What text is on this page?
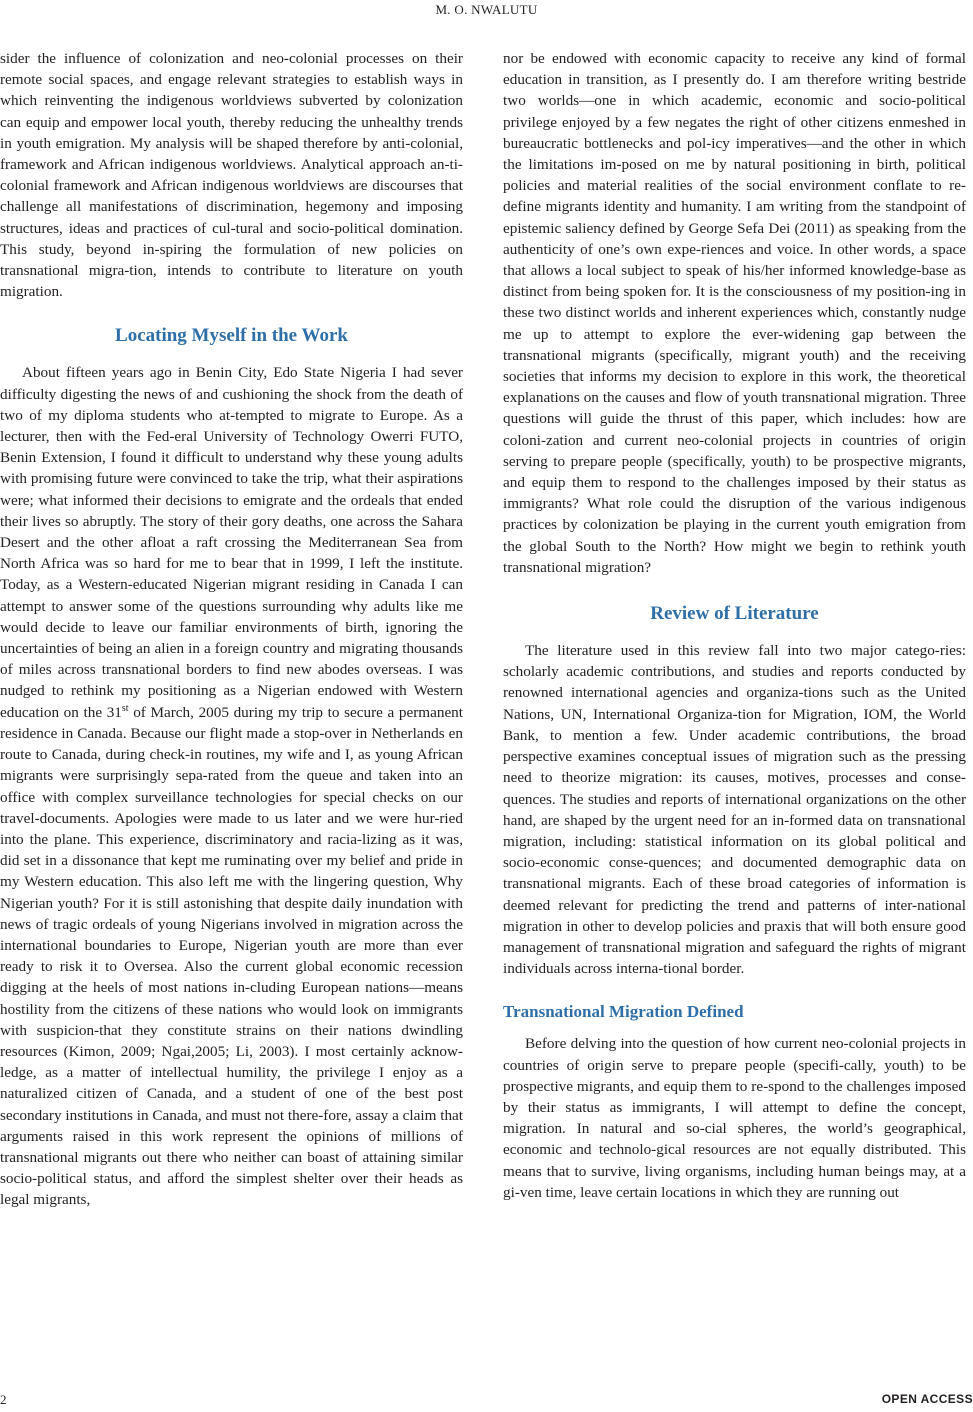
M. O. NWALUTU

sider the influence of colonization and neo-colonial processes on their remote social spaces, and engage relevant strategies to establish ways in which reinventing the indigenous worldviews subverted by colonization can equip and empower local youth, thereby reducing the unhealthy trends in youth emigration. My analysis will be shaped therefore by anti-colonial, framework and African indigenous worldviews. Analytical approach an-ti-colonial framework and African indigenous worldviews are discourses that challenge all manifestations of discrimination, hegemony and imposing structures, ideas and practices of cul-tural and socio-political domination. This study, beyond in-spiring the formulation of new policies on transnational migra-tion, intends to contribute to literature on youth migration.

Locating Myself in the Work

About fifteen years ago in Benin City, Edo State Nigeria I had sever difficulty digesting the news of and cushioning the shock from the death of two of my diploma students who at-tempted to migrate to Europe. As a lecturer, then with the Fed-eral University of Technology Owerri FUTO, Benin Extension, I found it difficult to understand why these young adults with promising future were convinced to take the trip, what their aspirations were; what informed their decisions to emigrate and the ordeals that ended their lives so abruptly. The story of their gory deaths, one across the Sahara Desert and the other afloat a raft crossing the Mediterranean Sea from North Africa was so hard for me to bear that in 1999, I left the institute. Today, as a Western-educated Nigerian migrant residing in Canada I can attempt to answer some of the questions surrounding why adults like me would decide to leave our familiar environments of birth, ignoring the uncertainties of being an alien in a foreign country and migrating thousands of miles across transnational borders to find new abodes overseas. I was nudged to rethink my positioning as a Nigerian endowed with Western education on the 31st of March, 2005 during my trip to secure a permanent residence in Canada. Because our flight made a stop-over in Netherlands en route to Canada, during check-in routines, my wife and I, as young African migrants were surprisingly sepa-rated from the queue and taken into an office with complex surveillance technologies for special checks on our travel-documents. Apologies were made to us later and we were hur-ried into the plane. This experience, discriminatory and racia-lizing as it was, did set in a dissonance that kept me ruminating over my belief and pride in my Western education. This also left me with the lingering question, Why Nigerian youth? For it is still astonishing that despite daily inundation with news of tragic ordeals of young Nigerians involved in migration across the international boundaries to Europe, Nigerian youth are more than ever ready to risk it to Oversea. Also the current global economic recession digging at the heels of most nations in-cluding European nations—means hostility from the citizens of these nations who would look on immigrants with suspicion-that they constitute strains on their nations dwindling resources (Kimon, 2009; Ngai,2005; Li, 2003). I most certainly acknow-ledge, as a matter of intellectual humility, the privilege I enjoy as a naturalized citizen of Canada, and a student of one of the best post secondary institutions in Canada, and must not there-fore, assay a claim that arguments raised in this work represent the opinions of millions of transnational migrants out there who neither can boast of attaining similar socio-political status, and afford the simplest shelter over their heads as legal migrants,

nor be endowed with economic capacity to receive any kind of formal education in transition, as I presently do. I am therefore writing bestride two worlds—one in which academic, economic and socio-political privilege enjoyed by a few negates the right of other citizens enmeshed in bureaucratic bottlenecks and pol-icy imperatives—and the other in which the limitations im-posed on me by natural positioning in birth, political policies and material realities of the social environment conflate to re-define migrants identity and humanity. I am writing from the standpoint of epistemic saliency defined by George Sefa Dei (2011) as speaking from the authenticity of one’s own expe-riences and voice. In other words, a space that allows a local subject to speak of his/her informed knowledge-base as distinct from being spoken for. It is the consciousness of my position-ing in these two distinct worlds and inherent experiences which, constantly nudge me up to attempt to explore the ever-widening gap between the transnational migrants (specifically, migrant youth) and the receiving societies that informs my decision to explore in this work, the theoretical explanations on the causes and flow of youth transnational migration. Three questions will guide the thrust of this paper, which includes: how are coloni-zation and current neo-colonial projects in countries of origin serving to prepare people (specifically, youth) to be prospective migrants, and equip them to respond to the challenges imposed by their status as immigrants? What role could the disruption of the various indigenous practices by colonization be playing in the current youth emigration from the global South to the North? How might we begin to rethink youth transnational migration?

Review of Literature

The literature used in this review fall into two major catego-ries: scholarly academic contributions, and studies and reports conducted by renowned international agencies and organiza-tions such as the United Nations, UN, International Organiza-tion for Migration, IOM, the World Bank, to mention a few. Under academic contributions, the broad perspective examines conceptual issues of migration such as the pressing need to theorize migration: its causes, motives, processes and conse-quences. The studies and reports of international organizations on the other hand, are shaped by the urgent need for an in-formed data on transnational migration, including: statistical information on its global political and socio-economic conse-quences; and documented demographic data on transnational migrants. Each of these broad categories of information is deemed relevant for predicting the trend and patterns of inter-national migration in other to develop policies and praxis that will both ensure good management of transnational migration and safeguard the rights of migrant individuals across interna-tional border.

Transnational Migration Defined

Before delving into the question of how current neo-colonial projects in countries of origin serve to prepare people (specifi-cally, youth) to be prospective migrants, and equip them to re-spond to the challenges imposed by their status as immigrants, I will attempt to define the concept, migration. In natural and so-cial spheres, the world’s geographical, economic and technolo-gical resources are not equally distributed. This means that to survive, living organisms, including human beings may, at a gi-ven time, leave certain locations in which they are running out

2	OPEN ACCESS
